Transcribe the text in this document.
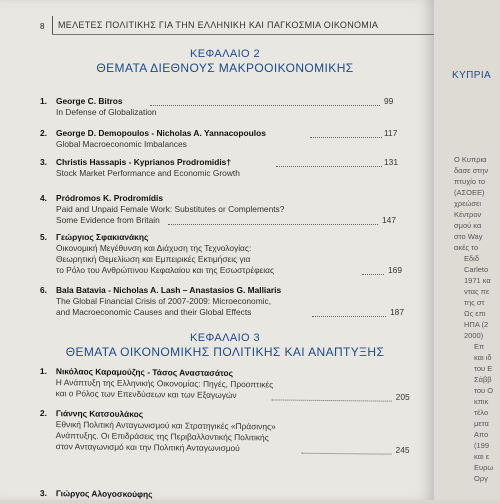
8 ΜΕΛΕΤΕΣ ΠΟΛΙΤΙΚΗΣ ΓΙΑ ΤΗΝ ΕΛΛΗΝΙΚΗ ΚΑΙ ΠΑΓΚΟΣΜΙΑ ΟΙΚΟΝΟΜΙΑ
ΚΕΦΑΛΑΙΟ 2
ΘΕΜΑΤΑ ΔΙΕΘΝΟΥΣ ΜΑΚΡΟΟΙΚΟΝΟΜΙΚΗΣ
1.	George C. Bitros
In Defense of Globalization
99
2.	George D. Demopoulos - Nicholas A. Yannacopoulos
Global Macroeconomic Imbalances
117
3.	Christis Hassapis - Kyprianos Prodromidis†
Stock Market Performance and Economic Growth
131
4.	Pródromos K. Prodromídis
Paid and Unpaid Female Work: Substitutes or Complements?
Some Evidence from Britain	147
5.	Γεώργιος Σφακιανάκης
Οικονομική Μεγέθυνση και Διάχυση της Τεχνολογίας:
Θεωρητική Θεμελίωση και Εμπειρικές Εκτιμήσεις για
το Ρόλο του Ανθρώπινου Κεφαλαίου και της Εσωστρέφειας	169
6.	Bala Batavia - Nicholas A. Lash – Anastasios G. Malliaris
The Global Financial Crisis of 2007-2009: Microeconomic,
and Macroeconomic Causes and their Global Effects	187
ΚΕΦΑΛΑΙΟ 3
ΘΕΜΑΤΑ ΟΙΚΟΝΟΜΙΚΗΣ ΠΟΛΙΤΙΚΗΣ ΚΑΙ ΑΝΑΠΤΥΞΗΣ
1.	Νικόλαος Καραμούζης - Τάσος Αναστασάτος
Η Ανάπτυξη της Ελληνικής Οικονομίας: Πηγές, Προοπτικές
και ο Ρόλος των Επενδύσεων και των Εξαγωγών	205
2.	Γιάννης Κατσουλάκος
Εθνική Πολιτική Ανταγωνισμού και Στρατηγικές «Πράσινης»
Ανάπτυξης. Οι Επιδράσεις της Περιβαλλοντικής Πολιτικής
στον Ανταγωνισμό και την Πολιτική Ανταγωνισμού	245
3.	Γιώργος Αλογοσκούφης
ΚΥΠΡΙΑ
Ο Κυπρια
δασε στην
πτυχίο το
(ΑΣΟΕΕ)
χρεώσει
Κέντρον
σμού κα
στο Way
ακές το
Εδιδ
Carleto
1971 κα
ντας πε
της στ
Ως επι
ΗΠΑ (2
2000)
Επ
και ιδ
του Ε
Σάββ
του Ο
κπικ
τέλο
μετα
Απο
(199
και ε
Ευρω
Οργ
